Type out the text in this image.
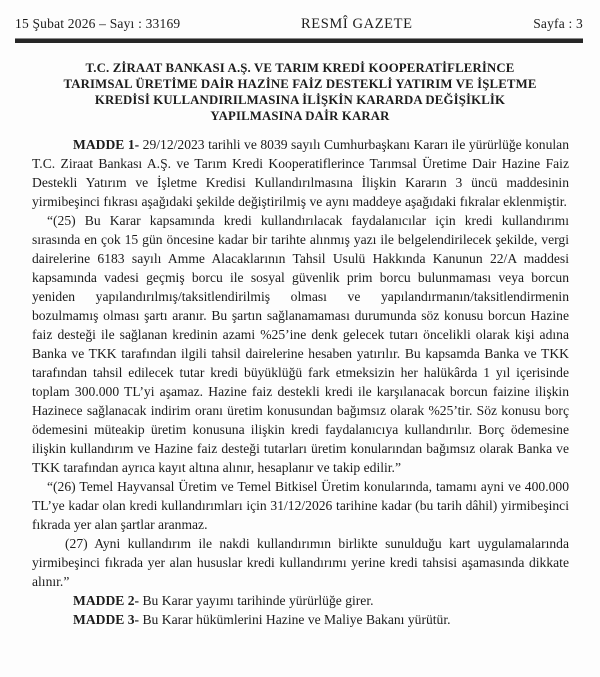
15 Şubat 2026 – Sayı : 33169	RESMÎ GAZETE	Sayfa : 3
T.C. ZİRAAT BANKASI A.Ş. VE TARIM KREDİ KOOPERATİFLERİNCE
TARIMSAL ÜRETİME DAİR HAZİNE FAİZ DESTEKLİ YATIRIM VE İŞLETME
KREDİSİ KULLANDIRILMASINA İLİŞKİN KARARDA DEĞİŞİKLİK
YAPILMASINA DAİR KARAR

MADDE 1- 29/12/2023 tarihli ve 8039 sayılı Cumhurbaşkanı Kararı ile yürürlüğe konulan T.C. Ziraat Bankası A.Ş. ve Tarım Kredi Kooperatiflerince Tarımsal Üretime Dair Hazine Faiz Destekli Yatırım ve İşletme Kredisi Kullandırılmasına İlişkin Kararın 3 üncü maddesinin yirmibeşinci fıkrası aşağıdaki şekilde değiştirilmiş ve aynı maddeye aşağıdaki fıkralar eklenmiştir.

“(25) Bu Karar kapsamında kredi kullandırılacak faydalanıcılar için kredi kullandırımı sırasında en çok 15 gün öncesine kadar bir tarihte alınmış yazı ile belgelendirilecek şekilde, vergi dairelerine 6183 sayılı Amme Alacaklarının Tahsil Usulü Hakkında Kanunun 22/A maddesi kapsamında vadesi geçmiş borcu ile sosyal güvenlik prim borcu bulunmaması veya borcun yeniden yapılandırılmış/taksitlendirilmiş olması ve yapılandırmanın/taksitlendirmenin bozulmamış olması şartı aranır. Bu şartın sağlanamaması durumunda söz konusu borcun Hazine faiz desteği ile sağlanan kredinin azami %25’ine denk gelecek tutarı öncelikli olarak kişi adına Banka ve TKK tarafından ilgili tahsil dairelerine hesaben yatırılır. Bu kapsamda Banka ve TKK tarafından tahsil edilecek tutar kredi büyüklüğü fark etmeksizin her halükârda 1 yıl içerisinde toplam 300.000 TL’yi aşamaz. Hazine faiz destekli kredi ile karşılanacak borcun faizine ilişkin Hazinece sağlanacak indirim oranı üretim konusundan bağımsız olarak %25’tir. Söz konusu borç ödemesini müteakip üretim konusuna ilişkin kredi faydalanıcıya kullandırılır. Borç ödemesine ilişkin kullandırım ve Hazine faiz desteği tutarları üretim konularından bağımsız olarak Banka ve TKK tarafından ayrıca kayıt altına alınır, hesaplanır ve takip edilir.”

“(26) Temel Hayvansal Üretim ve Temel Bitkisel Üretim konularında, tamamı ayni ve 400.000 TL’ye kadar olan kredi kullandırımları için 31/12/2026 tarihine kadar (bu tarih dâhil) yirmibeşinci fıkrada yer alan şartlar aranmaz.

(27) Ayni kullandırım ile nakdi kullandırımın birlikte sunulduğu kart uygulamalarında yirmibeşinci fıkrada yer alan hususlar kredi kullandırımı yerine kredi tahsisi aşamasında dikkate alınır.”

MADDE 2- Bu Karar yayımı tarihinde yürürlüğe girer.

MADDE 3- Bu Karar hükümlerini Hazine ve Maliye Bakanı yürütür.
